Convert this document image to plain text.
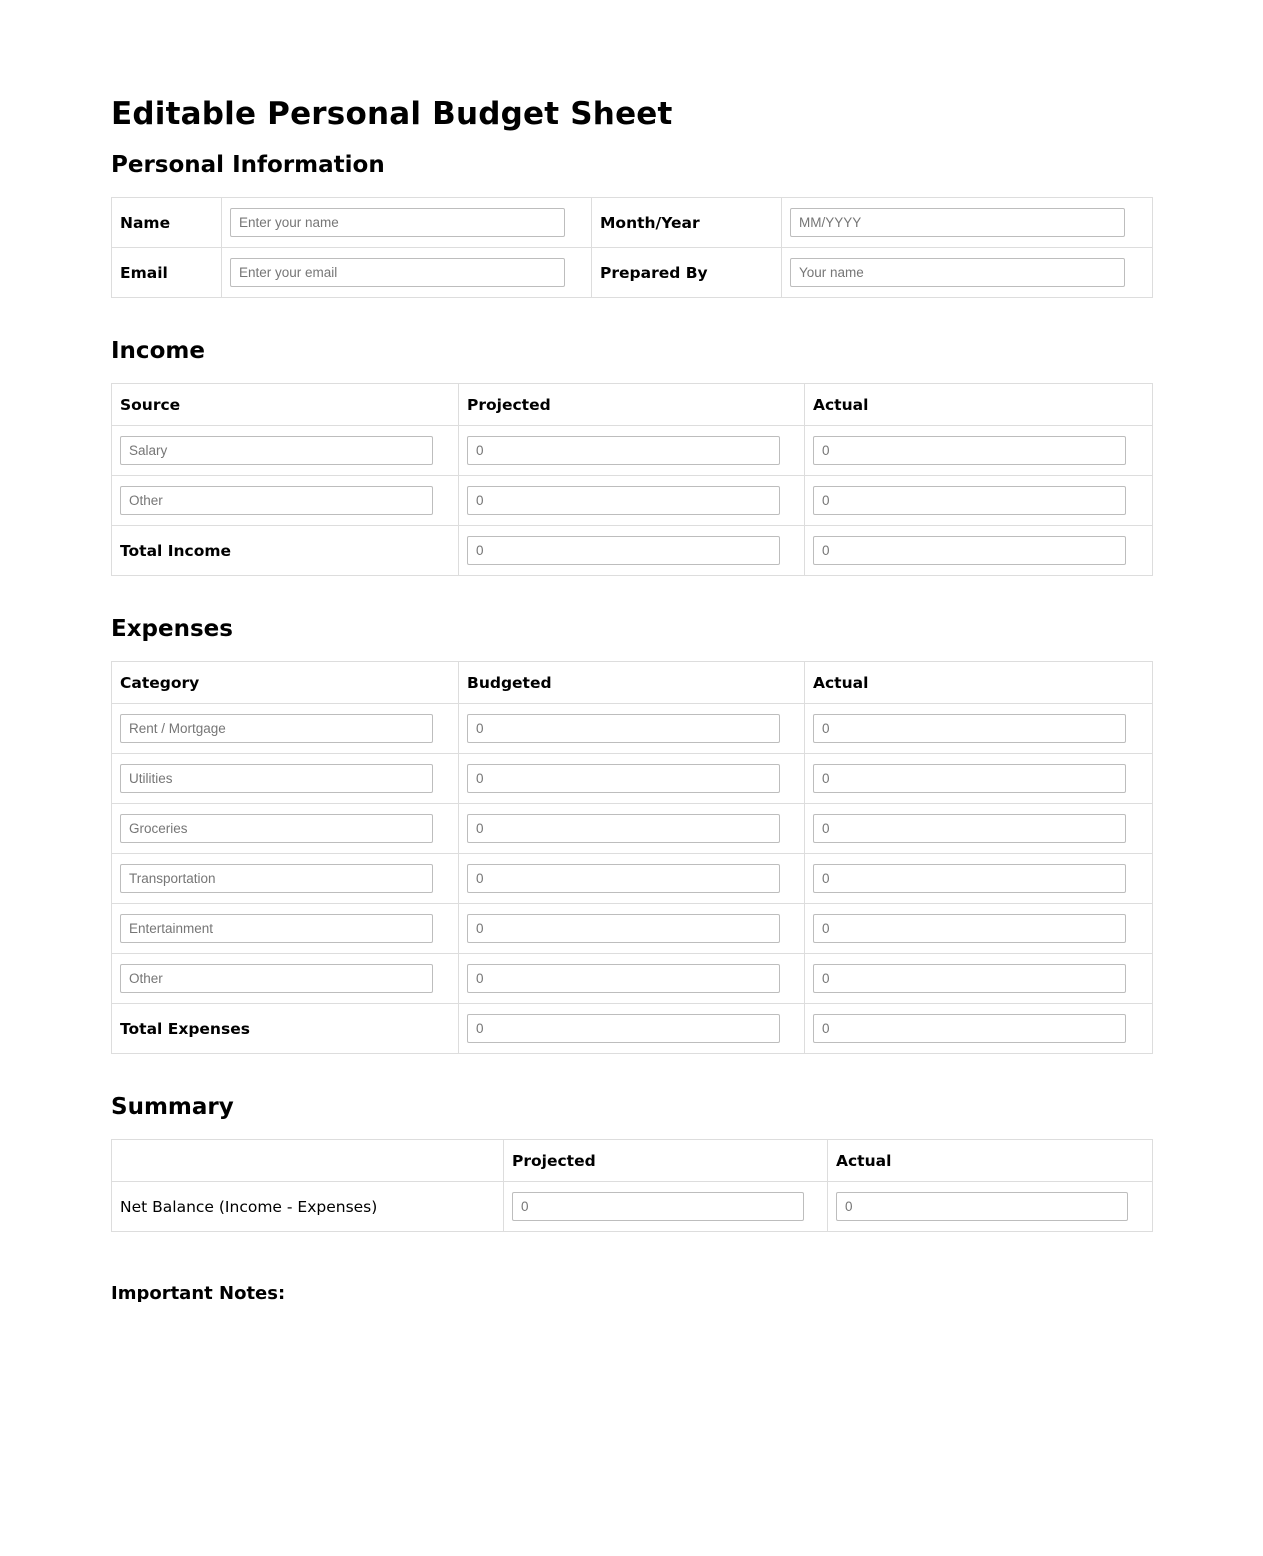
Editable Personal Budget Sheet
Personal Information
Name	Enter your name	Month/Year	MM/YYYY
Email	Enter your email	Prepared By	Your name
Income
Source	Projected	Actual
Salary	0	0
Other	0	0
Total Income	0	0
Expenses
Category	Budgeted	Actual
Rent / Mortgage	0	0
Utilities	0	0
Groceries	0	0
Transportation	0	0
Entertainment	0	0
Other	0	0
Total Expenses	0	0
Summary
	Projected	Actual
Net Balance (Income - Expenses)	0	0
Important Notes:
